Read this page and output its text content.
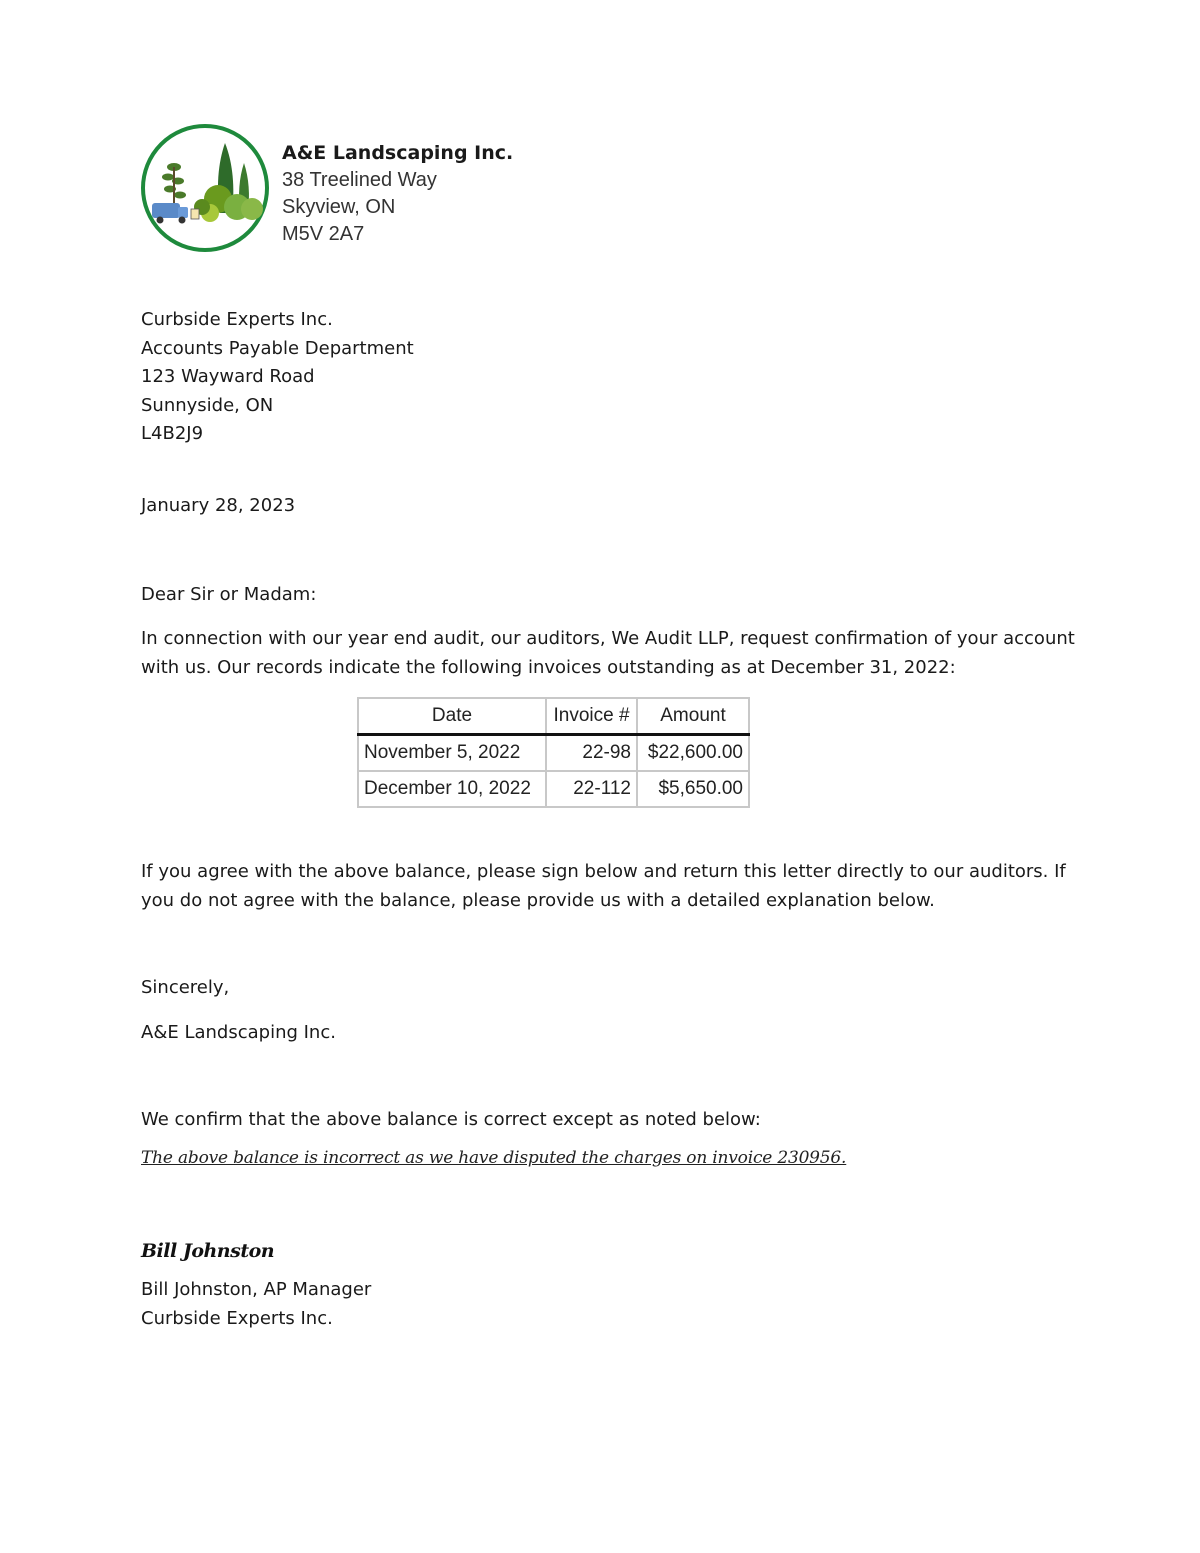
A&E Landscaping Inc.
38 Treelined Way
Skyview, ON
M5V 2A7
Curbside Experts Inc.
Accounts Payable Department
123 Wayward Road
Sunnyside, ON
L4B2J9
January 28, 2023
Dear Sir or Madam:
In connection with our year end audit, our auditors, We Audit LLP, request confirmation of your account
with us. Our records indicate the following invoices outstanding as at December 31, 2022:
Date	Invoice #	Amount
November 5, 2022	22-98	$22,600.00
December 10, 2022	22-112	$5,650.00
If you agree with the above balance, please sign below and return this letter directly to our auditors. If
you do not agree with the balance, please provide us with a detailed explanation below.
Sincerely,
A&E Landscaping Inc.
We confirm that the above balance is correct except as noted below:
The above balance is incorrect as we have disputed the charges on invoice 230956.
Bill Johnston
Bill Johnston, AP Manager
Curbside Experts Inc.
